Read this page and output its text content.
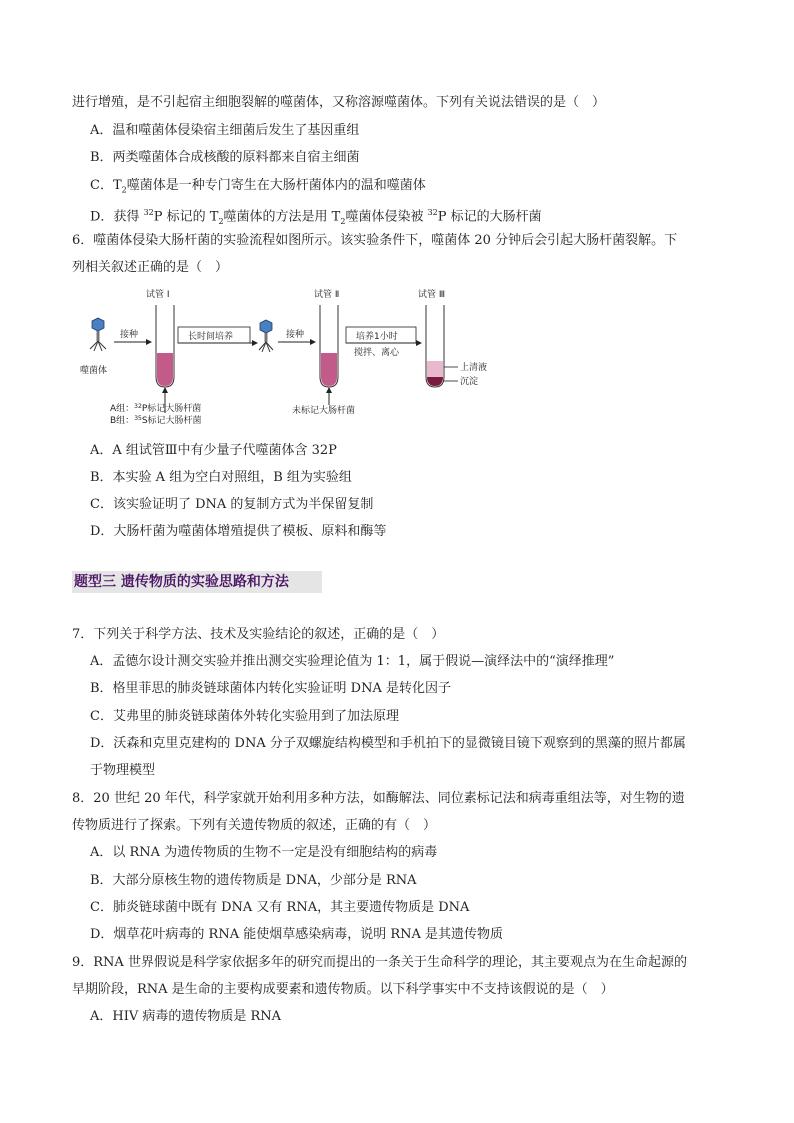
进行增殖，是不引起宿主细胞裂解的噬菌体，又称溶源噬菌体。下列有关说法错误的是（　）
A．温和噬菌体侵染宿主细菌后发生了基因重组
B．两类噬菌体合成核酸的原料都来自宿主细菌
C．$T_2$噬菌体是一种专门寄生在大肠杆菌体内的温和噬菌体
D．获得 $^{32}$P 标记的 $T_2$噬菌体的方法是用 $T_2$噬菌体侵染被 $^{32}$P 标记的大肠杆菌
6．噬菌体侵染大肠杆菌的实验流程如图所示。该实验条件下，噬菌体 20 分钟后会引起大肠杆菌裂解。下
列相关叙述正确的是（　）
噬菌体
接种
试管 Ⅰ
A组：$^{32}$P标记大肠杆菌
B组：$^{35}$S标记大肠杆菌
长时间培养	接种
试管 Ⅱ
未标记大肠杆菌
培养1小时
搅拌、离心
试管 Ⅲ
上清液
沉淀
A．A 组试管Ⅲ中有少量子代噬菌体含 32P
B．本实验 A 组为空白对照组，B 组为实验组
C．该实验证明了 DNA 的复制方式为半保留复制
D．大肠杆菌为噬菌体增殖提供了模板、原料和酶等
题型三 遗传物质的实验思路和方法
7．下列关于科学方法、技术及实验结论的叙述，正确的是（　）
A．孟德尔设计测交实验并推出测交实验理论值为 1：1，属于假说—演绎法中的“演绎推理”
B．格里菲思的肺炎链球菌体内转化实验证明 DNA 是转化因子
C．艾弗里的肺炎链球菌体外转化实验用到了加法原理
D．沃森和克里克建构的 DNA 分子双螺旋结构模型和手机拍下的显微镜目镜下观察到的黑藻的照片都属
于物理模型
8．20 世纪 20 年代，科学家就开始利用多种方法，如酶解法、同位素标记法和病毒重组法等，对生物的遗
传物质进行了探索。下列有关遗传物质的叙述，正确的有（　）
A．以 RNA 为遗传物质的生物不一定是没有细胞结构的病毒
B．大部分原核生物的遗传物质是 DNA，少部分是 RNA
C．肺炎链球菌中既有 DNA 又有 RNA，其主要遗传物质是 DNA
D．烟草花叶病毒的 RNA 能使烟草感染病毒，说明 RNA 是其遗传物质
9．RNA 世界假说是科学家依据多年的研究而提出的一条关于生命科学的理论，其主要观点为在生命起源的
早期阶段，RNA 是生命的主要构成要素和遗传物质。以下科学事实中不支持该假说的是（　）
A．HIV 病毒的遗传物质是 RNA
